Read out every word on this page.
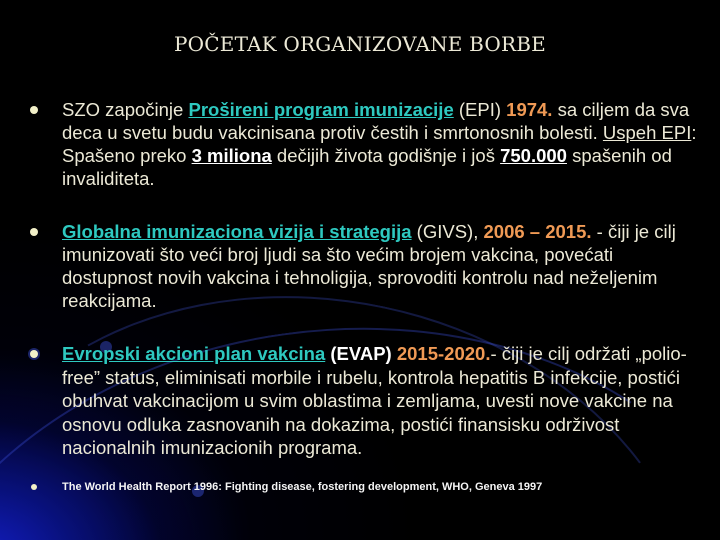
POČETAK ORGANIZOVANE BORBE
SZO započinje Prošireni program imunizacije (EPI) 1974. sa ciljem da sva deca u svetu budu vakcinisana protiv čestih i smrtonosnih bolesti. Uspeh EPI: Spašeno preko 3 miliona dečijih života godišnje i još 750.000 spašenih od invaliditeta.
Globalna imunizaciona vizija i strategija (GIVS), 2006 – 2015. - čiji je cilj imunizovati što veći broj ljudi sa što većim brojem vakcina, povećati dostupnost novih vakcina i tehnoligija, sprovoditi kontrolu nad neželjenim reakcijama.
Evropski akcioni plan vakcina (EVAP) 2015-2020.- čiji je cilj održati „polio-free” status, eliminisati morbile i rubelu, kontrola hepatitis B infekcije, postići obuhvat vakcinacijom u svim oblastima i zemljama, uvesti nove vakcine na osnovu odluka zasnovanih na dokazima, postići finansisku održivost nacionalnih imunizacionih programa.
The World Health Report 1996: Fighting disease, fostering development, WHO, Geneva 1997
